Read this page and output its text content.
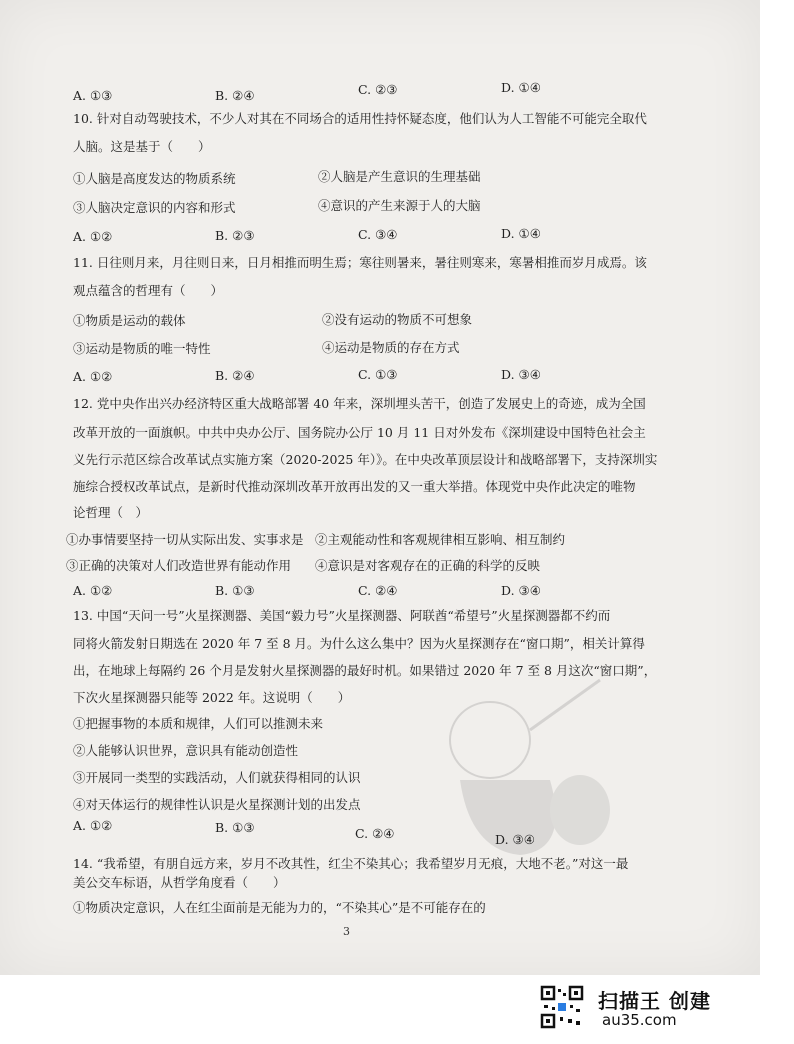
A. ①③	B. ②④	C. ②③	D. ①④
10. 针对自动驾驶技术，不少人对其在不同场合的适用性持怀疑态度，他们认为人工智能不可能完全取代
人脑。这是基于（　　）
①人脑是高度发达的物质系统	②人脑是产生意识的生理基础
③人脑决定意识的内容和形式	④意识的产生来源于人的大脑
A. ①②	B. ②③	C. ③④	D. ①④
11. 日往则月来，月往则日来，日月相推而明生焉；寒往则暑来，暑往则寒来，寒暑相推而岁月成焉。该
观点蕴含的哲理有（　　）
①物质是运动的载体	②没有运动的物质不可想象
③运动是物质的唯一特性	④运动是物质的存在方式
A. ①②	B. ②④	C. ①③	D. ③④
12. 党中央作出兴办经济特区重大战略部署 40 年来，深圳埋头苦干，创造了发展史上的奇迹，成为全国
改革开放的一面旗帜。中共中央办公厅、国务院办公厅 10 月 11 日对外发布《深圳建设中国特色社会主
义先行示范区综合改革试点实施方案（2020-2025 年）》。在中央改革顶层设计和战略部署下，支持深圳实
施综合授权改革试点，是新时代推动深圳改革开放再出发的又一重大举措。体现党中央作此决定的唯物
论哲理（　）
①办事情要坚持一切从实际出发、实事求是 ②主观能动性和客观规律相互影响、相互制约
③正确的决策对人们改造世界有能动作用 ④意识是对客观存在的正确的科学的反映
A. ①②	B. ①③	C. ②④	D. ③④
13. 中国“天问一号”火星探测器、美国“毅力号”火星探测器、阿联酋“希望号”火星探测器都不约而
同将火箭发射日期选在 2020 年 7 至 8 月。为什么这么集中？因为火星探测存在“窗口期”，相关计算得
出，在地球上每隔约 26 个月是发射火星探测器的最好时机。如果错过 2020 年 7 至 8 月这次“窗口期”，
下次火星探测器只能等 2022 年。这说明（　　）
①把握事物的本质和规律，人们可以推测未来
②人能够认识世界，意识具有能动创造性
③开展同一类型的实践活动，人们就获得相同的认识
④对天体运行的规律性认识是火星探测计划的出发点
A. ①②	B. ①③	C. ②④	D. ③④
14. “我希望，有朋自远方来，岁月不改其性，红尘不染其心；我希望岁月无痕，大地不老。”对这一最
美公交车标语，从哲学角度看（　　）
①物质决定意识，人在红尘面前是无能为力的，“不染其心”是不可能存在的
3
扫描王 创建
au35.com
